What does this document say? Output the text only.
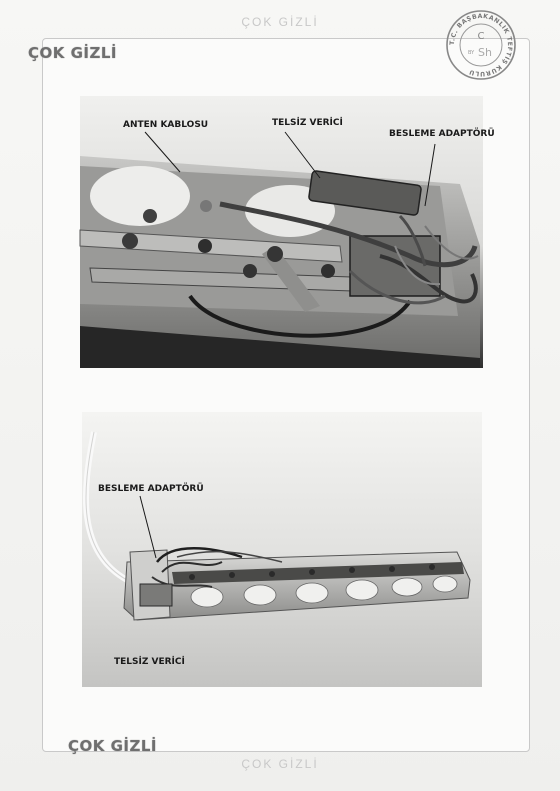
ÇOK GİZLİ
ÇOK GİZLİ
ÇOK GİZLİ
ÇOK GİZLİ
T.C. BAŞBAKANLIK TEFTİŞ KURULU
C
BY Sh
ANTEN KABLOSU	TELSİZ VERİCİ
BESLEME ADAPTÖRÜ
BESLEME ADAPTÖRÜ
TELSİZ VERİCİ
